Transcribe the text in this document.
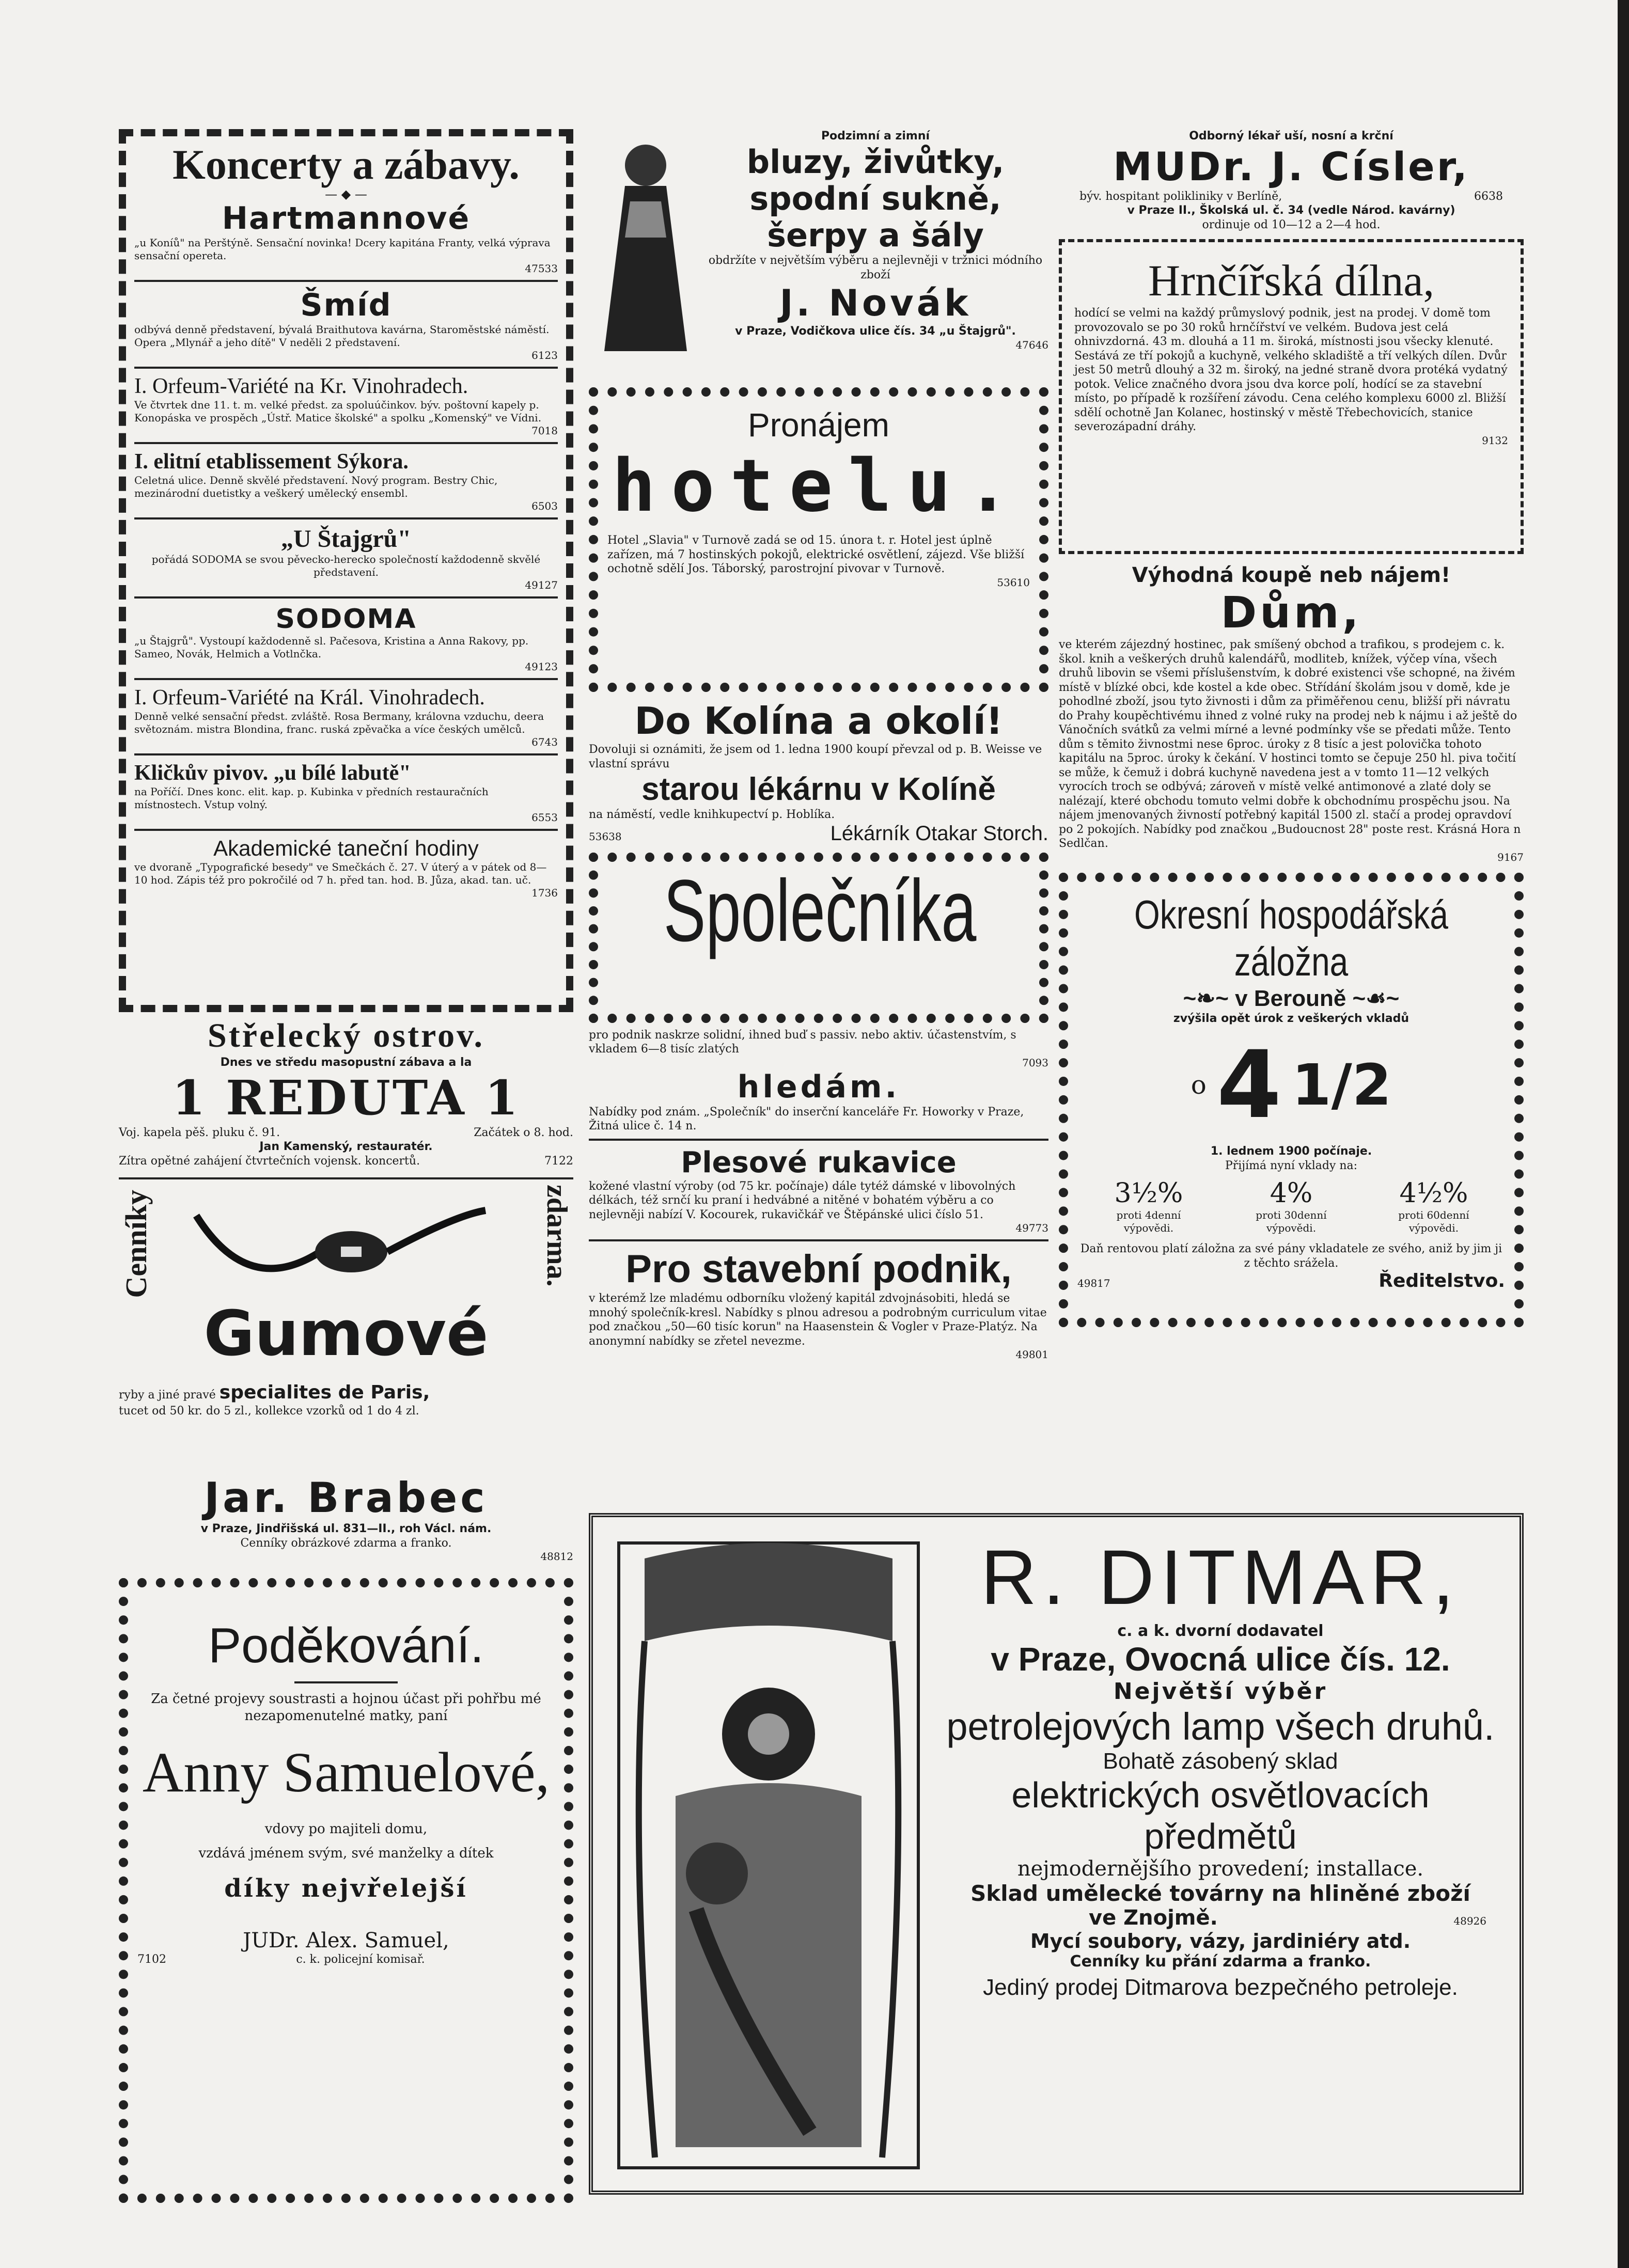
Koncerty a zábavy.
— ◆ —
Hartmannové
„u Koníů" na Perštýně. Sensační novinka! Dcery kapitána Franty, velká výprava sensační opereta.
47533
Šmíd
odbývá denně představení, bývalá Braithutova kavárna, Staroměstské náměstí. Opera „Mlynář a jeho dítě" V neděli 2 představení.
6123
I. Orfeum-Variété na Kr. Vinohradech.
Ve čtvrtek dne 11. t. m. velké předst. za spoluúčinkov. býv. poštovní kapely p. Konopáska ve prospěch „Ústř. Matice školské" a spolku „Komenský" ve Vídni.
7018
I. elitní etablissement Sýkora.
Celetná ulice. Denně skvělé představení. Nový program. Bestry Chic, mezinárodní duetistky a veškerý umělecký ensembl.
6503
„U Štajgrů"
pořádá SODOMA se svou pěvecko-herecko společností každodenně skvělé představení.
49127
SODOMA
„u Štajgrů". Vystoupí každodenně sl. Pačesova, Kristina a Anna Rakovy, pp. Sameo, Novák, Helmich a Votlnčka.
49123
I. Orfeum-Variété na Král. Vinohradech.
Denně velké sensační předst. zvláště. Rosa Bermany, královna vzduchu, deera světoznám. mistra Blondina, franc. ruská zpěvačka a více českých umělců.
6743
Kličkův pivov. „u bílé labutě"
na Poříčí. Dnes konc. elit. kap. p. Kubinka v předních restauračních místnostech. Vstup volný.
6553
Akademické taneční hodiny
ve dvoraně „Typografické besedy" ve Smečkách č. 27. V úterý a v pátek od 8—10 hod. Zápis též pro pokročilé od 7 h. před tan. hod. B. Jůza, akad. tan. uč.
1736
Střelecký ostrov.
Dnes ve středu masopustní zábava a la
1 REDUTA 1
Voj. kapela pěš. pluku č. 91.	Začátek o 8. hod.
Jan Kamenský, restauratér.
Zítra opětné zahájení čtvrtečních vojensk. koncertů.	7122
Cenníky	zdarma.
Gumové
ryby a jiné pravé specialites de Paris,
tucet od 50 kr. do 5 zl., kollekce vzorků od 1 do 4 zl.
Jar. Brabec
v Praze, Jindřišská ul. 831—II., roh Václ. nám.
Cenníky obrázkové zdarma a franko.
48812
Poděkování.
Za četné projevy soustrasti a hojnou účast při pohřbu mé nezapomenutelné matky, paní
Anny Samuelové,
vdovy po majiteli domu,
vzdává jménem svým, své manželky a dítek
díky nejvřelejší
JUDr. Alex. Samuel,
7102	c. k. policejní komisař.
Podzimní a zimní
bluzy, živůtky,
spodní sukně,
šerpy a šály
obdržíte v největším výběru a nejlevněji v tržnici módního zboží
J. Novák
v Praze, Vodičkova ulice čís. 34 „u Štajgrů".
47646
Pronájem
hotelu.
Hotel „Slavia" v Turnově zadá se od 15. února t. r. Hotel jest úplně zařízen, má 7 hostinských pokojů, elektrické osvětlení, zájezd. Vše bližší ochotně sdělí Jos. Táborský, parostrojní pivovar v Turnově.
53610
Do Kolína a okolí!
Dovoluji si oznámiti, že jsem od 1. ledna 1900 koupí převzal od p. B. Weisse ve vlastní správu
starou lékárnu v Kolíně
na náměstí, vedle knihkupectví p. Hoblíka.
53638	Lékárník Otakar Storch.
Společníka
pro podnik naskrze solidní, ihned buď s passiv. nebo aktiv. účastenstvím, s vkladem 6—8 tisíc zlatých
7093
hledám.
Nabídky pod znám. „Společník" do inserční kanceláře Fr. Howorky v Praze, Žitná ulice č. 14 n.
Plesové rukavice
kožené vlastní výroby (od 75 kr. počínaje) dále tytéž dámské v libovolných délkách, též srnčí ku praní i hedvábné a nitěné v bohatém výběru a co nejlevněji nabízí V. Kocourek, rukavičkář ve Štěpánské ulici číslo 51.
49773
Pro stavební podnik,
v kterémž lze mladému odborníku vložený kapitál zdvojnásobiti, hledá se mnohý společník-kresl. Nabídky s plnou adresou a podrobným curriculum vitae pod značkou „50—60 tisíc korun" na Haasenstein & Vogler v Praze-Platýz. Na anonymní nabídky se zřetel nevezme.
49801
Odborný lékař uší, nosní a krční
MUDr. J. Císler,
býv. hospitant polikliniky v Berlíně,	6638
v Praze II., Školská ul. č. 34 (vedle Národ. kavárny)
ordinuje od 10—12 a 2—4 hod.
Hrnčířská dílna,
hodící se velmi na každý průmyslový podnik, jest na prodej. V domě tom provozovalo se po 30 roků hrnčířství ve velkém. Budova jest celá ohnivzdorná. 43 m. dlouhá a 11 m. široká, místnosti jsou všecky klenuté. Sestává ze tří pokojů a kuchyně, velkého skladiště a tří velkých dílen. Dvůr jest 50 metrů dlouhý a 32 m. široký, na jedné straně dvora protéká vydatný potok. Velice značného dvora jsou dva korce polí, hodící se za stavební místo, po případě k rozšíření závodu. Cena celého komplexu 6000 zl. Bližší sdělí ochotně Jan Kolanec, hostinský v městě Třebechovicích, stanice severozápadní dráhy.
9132
Výhodná koupě neb nájem!
Dům,
ve kterém zájezdný hostinec, pak smíšený obchod a trafikou, s prodejem c. k. škol. knih a veškerých druhů kalendářů, modliteb, knížek, výčep vína, všech druhů libovin se všemi příslušenstvím, k dobré existenci vše schopné, na živém místě v blízké obci, kde kostel a kde obec. Střídání školám jsou v domě, kde je pohodlné zboží, jsou tyto živnosti i dům za přiměřenou cenu, bližší při návratu do Prahy koupěchtivému ihned z volné ruky na prodej neb k nájmu i až ještě do Vánočních svátků za velmi mírné a levné podmínky vše se předati může. Tento dům s těmito živnostmi nese 6proc. úroky z 8 tisíc a jest polovička tohoto kapitálu na 5proc. úroky k čekání. V hostinci tomto se čepuje 250 hl. piva točití se může, k čemuž i dobrá kuchyně navedena jest a v tomto 11—12 velkých vyrocích troch se odbývá; zároveň v místě velké antimonové a zlaté doly se nalézají, které obchodu tomuto velmi dobře k obchodnímu prospěchu jsou. Na nájem jmenovaných živností potřebný kapitál 1500 zl. stačí a prodej opravdoví po 2 pokojích. Nabídky pod značkou „Budoucnost 28" poste rest. Krásná Hora n Sedlčan.
9167
Okresní hospodářská záložna
~❧~ v Berouně ~☙~
zvýšila opět úrok z veškerých vkladů
o 4 1/2
1. lednem 1900 počínaje.
Přijímá nyní vklady na:
3½%
proti 4denní výpovědi.
4%
proti 30denní výpovědi.
4½%
proti 60denní výpovědi.
Daň rentovou platí záložna za své pány vkladatele ze svého, aniž by jim ji z těchto srážela.
49817	Ředitelstvo.
R. DITMAR,
c. a k. dvorní dodavatel
v Praze, Ovocná ulice čís. 12.
Největší výběr
petrolejových lamp všech druhů.
Bohatě zásobený sklad
elektrických osvětlovacích předmětů
nejmodernějšího provedení; installace.
Sklad umělecké továrny na hliněné zboží
ve Znojmě.	48926
Mycí soubory, vázy, jardiniéry atd.
Cenníky ku přání zdarma a franko.
Jediný prodej Ditmarova bezpečného petroleje.
